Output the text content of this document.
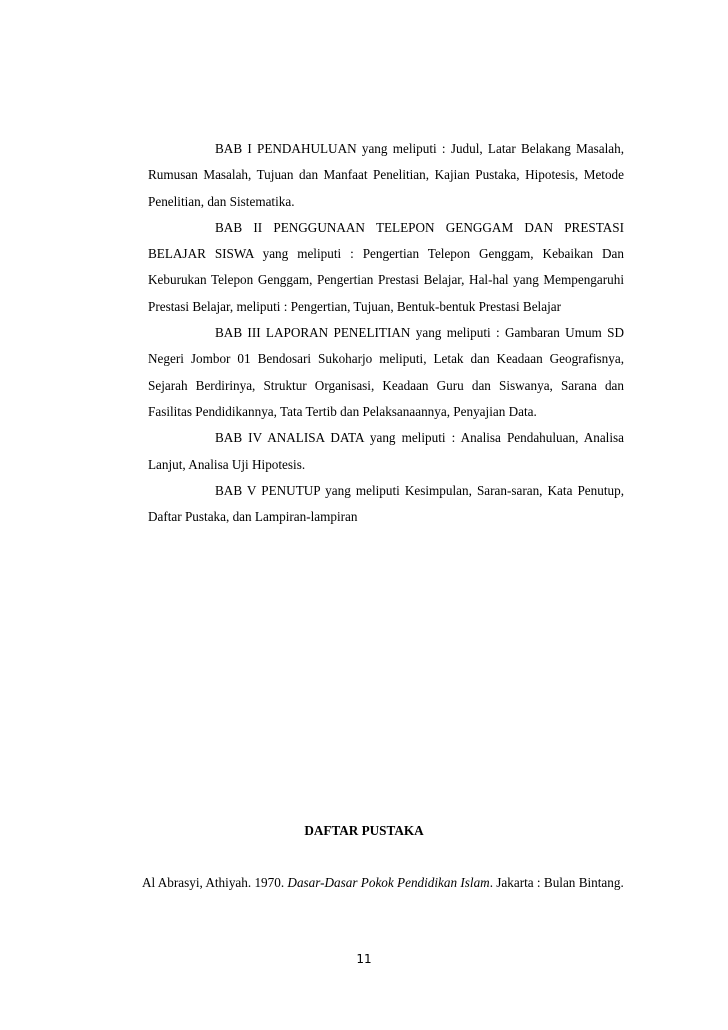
BAB I PENDAHULUAN yang meliputi : Judul, Latar Belakang Masalah, Rumusan Masalah, Tujuan dan Manfaat Penelitian, Kajian Pustaka, Hipotesis, Metode Penelitian, dan Sistematika.

BAB II PENGGUNAAN TELEPON GENGGAM DAN PRESTASI BELAJAR SISWA yang meliputi : Pengertian Telepon Genggam, Kebaikan Dan Keburukan Telepon Genggam, Pengertian Prestasi Belajar, Hal-hal yang Mempengaruhi Prestasi Belajar, meliputi : Pengertian, Tujuan, Bentuk-bentuk Prestasi Belajar

BAB III LAPORAN PENELITIAN yang meliputi : Gambaran Umum SD Negeri Jombor 01 Bendosari Sukoharjo meliputi, Letak dan Keadaan Geografisnya, Sejarah Berdirinya, Struktur Organisasi, Keadaan Guru dan Siswanya, Sarana dan Fasilitas Pendidikannya, Tata Tertib dan Pelaksanaannya, Penyajian Data.

BAB IV ANALISA DATA yang meliputi : Analisa Pendahuluan, Analisa Lanjut, Analisa Uji Hipotesis.

BAB V PENUTUP yang meliputi Kesimpulan, Saran-saran, Kata Penutup, Daftar Pustaka, dan Lampiran-lampiran

DAFTAR PUSTAKA

Al Abrasyi, Athiyah. 1970. Dasar-Dasar Pokok Pendidikan Islam. Jakarta : Bulan Bintang.

11
